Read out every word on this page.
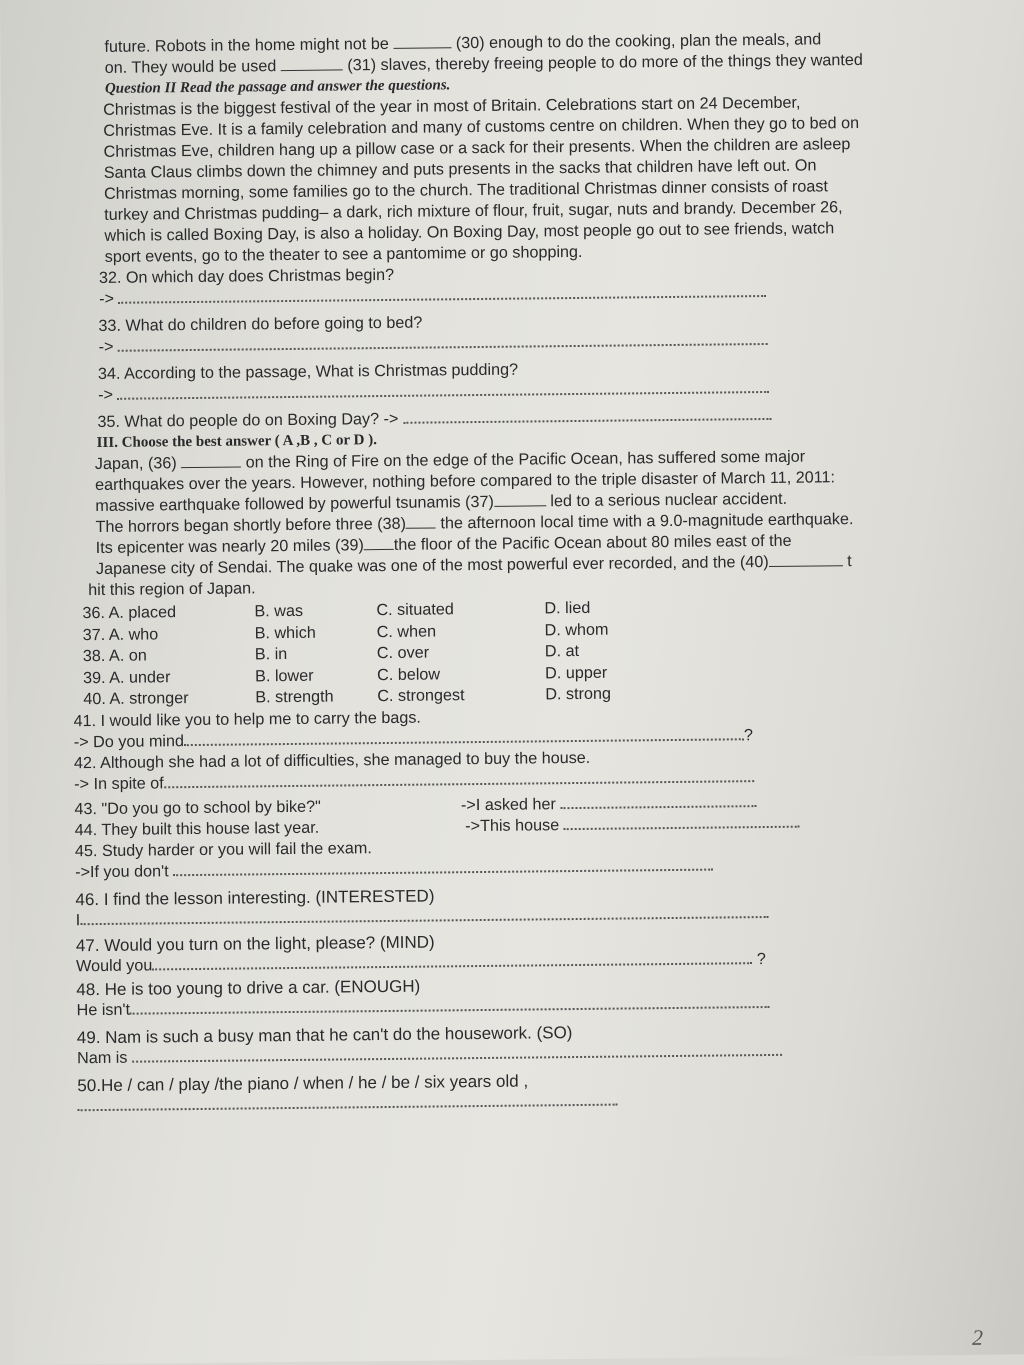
future. Robots in the home might not be	(30) enough to do the cooking, plan the meals, and
on. They would be used	(31) slaves, thereby freeing people to do more of the things they wanted
Question II Read the passage and answer the questions.
Christmas is the biggest festival of the year in most of Britain. Celebrations start on 24 December,
Christmas Eve. It is a family celebration and many of customs centre on children. When they go to bed on
Christmas Eve, children hang up a pillow case or a sack for their presents. When the children are asleep
Santa Claus climbs down the chimney and puts presents in the sacks that children have left out. On
Christmas morning, some families go to the church. The traditional Christmas dinner consists of roast
turkey and Christmas pudding– a dark, rich mixture of flour, fruit, sugar, nuts and brandy. December 26,
which is called Boxing Day, is also a holiday. On Boxing Day, most people go out to see friends, watch
sport events, go to the theater to see a pantomime or go shopping.
32. On which day does Christmas begin?
->
33. What do children do before going to bed?
->
34. According to the passage, What is Christmas pudding?
->
35. What do people do on Boxing Day? ->
III. Choose the best answer ( A ,B , C or D ).
Japan, (36)	on the Ring of Fire on the edge of the Pacific Ocean, has suffered some major
earthquakes over the years. However, nothing before compared to the triple disaster of March 11, 2011:
massive earthquake followed by powerful tsunamis (37)	led to a serious nuclear accident.
The horrors began shortly before three (38) the afternoon local time with a 9.0-magnitude earthquake.
Its epicenter was nearly 20 miles (39) the floor of the Pacific Ocean about 80 miles east of the
Japanese city of Sendai. The quake was one of the most powerful ever recorded, and the (40)	t
hit this region of Japan.
36. A. placed	B. was	C. situated	D. lied
37. A. who	B. which	C. when	D. whom
38. A. on	B. in	C. over	D. at
39. A. under	B. lower	C. below	D. upper
40. A. stronger	B. strength	C. strongest	D. strong
41. I would like you to help me to carry the bags.
-> Do you mind	?
42. Although she had a lot of difficulties, she managed to buy the house.
-> In spite of
43. "Do you go to school by bike?"	->I asked her
44. They built this house last year.	->This house
45. Study harder or you will fail the exam.
->If you don't
46. I find the lesson interesting. (INTERESTED)
I
47. Would you turn on the light, please? (MIND)
Would you	?
48. He is too young to drive a car. (ENOUGH)
He isn't
49. Nam is such a busy man that he can't do the housework. (SO)
Nam is
50.He / can / play /the piano / when / he / be / six years old ,
2
